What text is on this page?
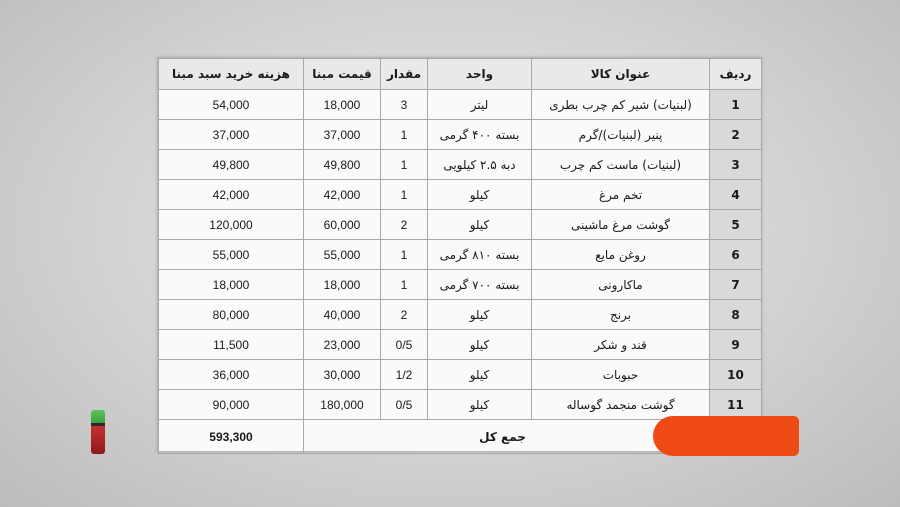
هزینه خرید سبد مبنا	قیمت مبنا	مقدار	واحد	عنوان کالا	ردیف
54,000	18,000	3	لیتر	(لبنیات) شیر کم چرب بطری	1
37,000	37,000	1	بسته ۴۰۰ گرمی	پنیر (لبنیات)/گرم	2
49,800	49,800	1	دبه ۲.۵ کیلویی	(لبنیات) ماست کم چرب	3
42,000	42,000	1	کیلو	تخم مرغ	4
120,000	60,000	2	کیلو	گوشت مرغ ماشینی	5
55,000	55,000	1	بسته ۸۱۰ گرمی	روغن مایع	6
18,000	18,000	1	بسته ۷۰۰ گرمی	ماکارونی	7
80,000	40,000	2	کیلو	برنج	8
11,500	23,000	0/5	کیلو	قند و شکر	9
36,000	30,000	1/2	کیلو	حبوبات	10
90,000	180,000	0/5	کیلو	گوشت منجمد گوساله	11
593,300	جمع کل				
